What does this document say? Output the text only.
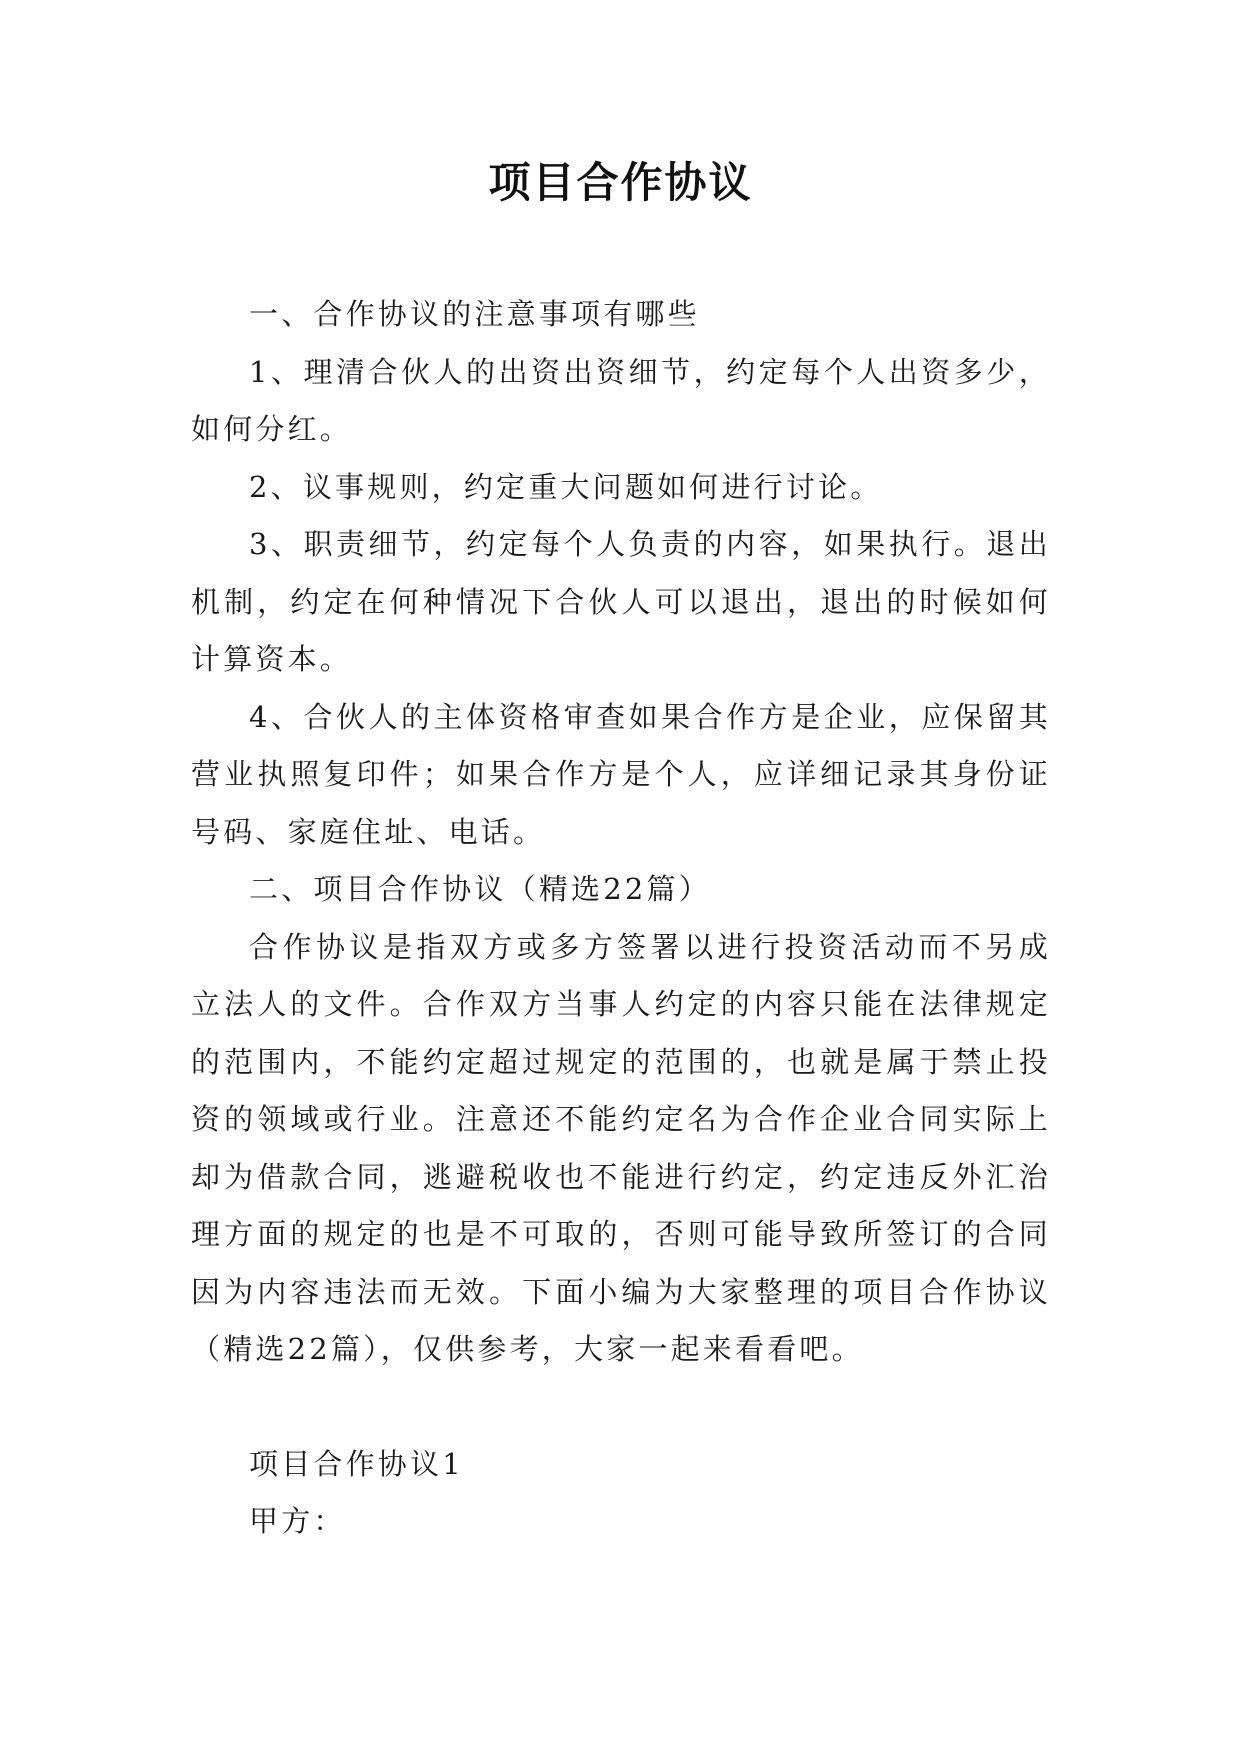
项目合作协议

一、合作协议的注意事项有哪些

1、理清合伙人的出资出资细节，约定每个人出资多少，如何分红。

2、议事规则，约定重大问题如何进行讨论。

3、职责细节，约定每个人负责的内容，如果执行。退出机制，约定在何种情况下合伙人可以退出，退出的时候如何计算资本。

4、合伙人的主体资格审查如果合作方是企业，应保留其营业执照复印件；如果合作方是个人，应详细记录其身份证号码、家庭住址、电话。

二、项目合作协议（精选22篇）

合作协议是指双方或多方签署以进行投资活动而不另成立法人的文件。合作双方当事人约定的内容只能在法律规定的范围内，不能约定超过规定的范围的，也就是属于禁止投资的领域或行业。注意还不能约定名为合作企业合同实际上却为借款合同，逃避税收也不能进行约定，约定违反外汇治理方面的规定的也是不可取的，否则可能导致所签订的合同因为内容违法而无效。下面小编为大家整理的项目合作协议（精选22篇），仅供参考，大家一起来看看吧。

项目合作协议1

甲方：
